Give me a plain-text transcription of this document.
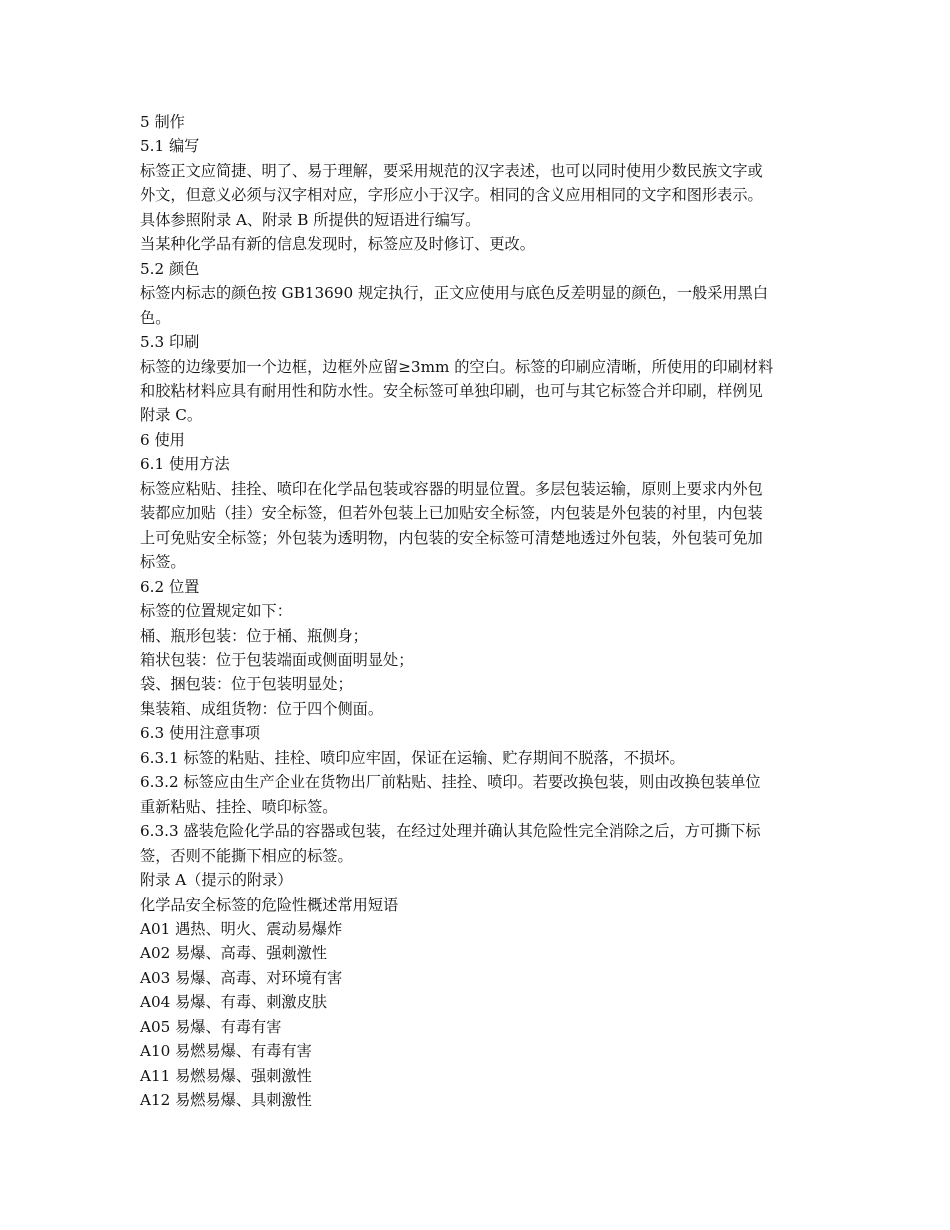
5 制作
5.1 编写
标签正文应简捷、明了、易于理解，要采用规范的汉字表述，也可以同时使用少数民族文字或
外文，但意义必须与汉字相对应，字形应小于汉字。相同的含义应用相同的文字和图形表示。
具体参照附录 A、附录 B 所提供的短语进行编写。
当某种化学品有新的信息发现时，标签应及时修订、更改。
5.2 颜色
标签内标志的颜色按 GB13690 规定执行，正文应使用与底色反差明显的颜色，一般采用黑白
色。
5.3 印刷
标签的边缘要加一个边框，边框外应留≥3mm 的空白。标签的印刷应清晰，所使用的印刷材料
和胶粘材料应具有耐用性和防水性。安全标签可单独印刷，也可与其它标签合并印刷，样例见
附录 C。
6 使用
6.1 使用方法
标签应粘贴、挂拴、喷印在化学品包装或容器的明显位置。多层包装运输，原则上要求内外包
装都应加贴（挂）安全标签，但若外包装上已加贴安全标签，内包装是外包装的衬里，内包装
上可免贴安全标签；外包装为透明物，内包装的安全标签可清楚地透过外包装，外包装可免加
标签。
6.2 位置
标签的位置规定如下：
桶、瓶形包装：位于桶、瓶侧身；
箱状包装：位于包装端面或侧面明显处；
袋、捆包装：位于包装明显处；
集装箱、成组货物：位于四个侧面。
6.3 使用注意事项
6.3.1 标签的粘贴、挂栓、喷印应牢固，保证在运输、贮存期间不脱落，不损坏。
6.3.2 标签应由生产企业在货物出厂前粘贴、挂拴、喷印。若要改换包装，则由改换包装单位
重新粘贴、挂拴、喷印标签。
6.3.3 盛装危险化学品的容器或包装，在经过处理并确认其危险性完全消除之后，方可撕下标
签，否则不能撕下相应的标签。
附录 A（提示的附录）
化学品安全标签的危险性概述常用短语
A01 遇热、明火、震动易爆炸
A02 易爆、高毒、强刺激性
A03 易爆、高毒、对环境有害
A04 易爆、有毒、刺激皮肤
A05 易爆、有毒有害
A10 易燃易爆、有毒有害
A11 易燃易爆、强刺激性
A12 易燃易爆、具刺激性
